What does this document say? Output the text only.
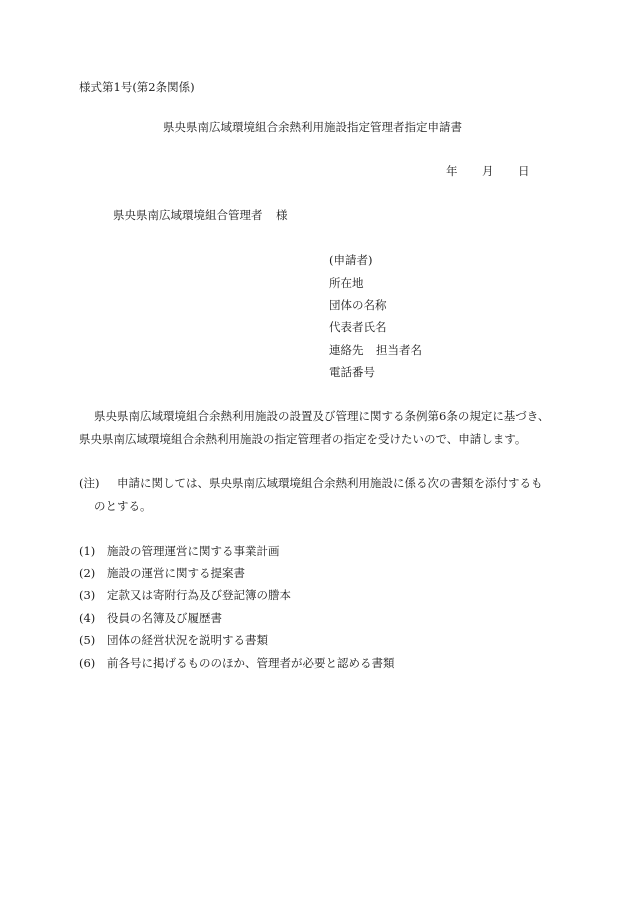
様式第1号(第2条関係)
県央県南広域環境組合余熱利用施設指定管理者指定申請書
年 月 日
県央県南広域環境組合管理者 様
(申請者)
所在地
団体の名称
代表者氏名
連絡先 担当者名
電話番号
県央県南広域環境組合余熱利用施設の設置及び管理に関する条例第6条の規定に基づき、
県央県南広域環境組合余熱利用施設の指定管理者の指定を受けたいので、申請します。
(注) 申請に関しては、県央県南広域環境組合余熱利用施設に係る次の書類を添付するも
のとする。
(1) 施設の管理運営に関する事業計画
(2) 施設の運営に関する提案書
(3) 定款又は寄附行為及び登記簿の謄本
(4) 役員の名簿及び履歴書
(5) 団体の経営状況を説明する書類
(6) 前各号に掲げるもののほか、管理者が必要と認める書類
